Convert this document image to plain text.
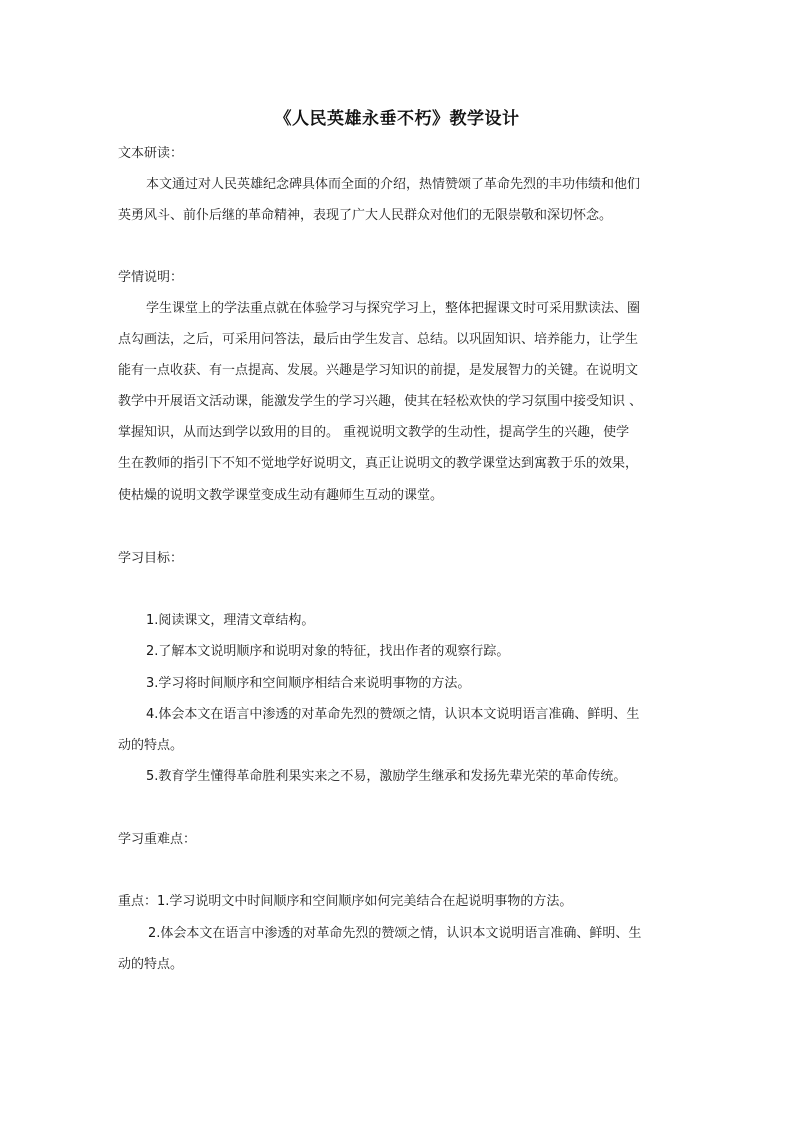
《人民英雄永垂不朽》教学设计
文本研读：
本文通过对人民英雄纪念碑具体而全面的介绍，热情赞颂了革命先烈的丰功伟绩和他们
英勇风斗、前仆后继的革命精神，表现了广大人民群众对他们的无限崇敬和深切怀念。
学情说明：
学生课堂上的学法重点就在体验学习与探究学习上，整体把握课文时可采用默读法、圈
点勾画法，之后，可采用问答法，最后由学生发言、总结。以巩固知识、培养能力，让学生
能有一点收获、有一点提高、发展。兴趣是学习知识的前提，是发展智力的关键。在说明文
教学中开展语文活动课，能激发学生的学习兴趣，使其在轻松欢快的学习氛围中接受知识 、
掌握知识，从而达到学以致用的目的。 重视说明文教学的生动性，提高学生的兴趣，使学
生在教师的指引下不知不觉地学好说明文，真正让说明文的教学课堂达到寓教于乐的效果，
使枯燥的说明文教学课堂变成生动有趣师生互动的课堂。
学习目标：
1.阅读课文，理清文章结构。
2.了解本文说明顺序和说明对象的特征，找出作者的观察行踪。
3.学习将时间顺序和空间顺序相结合来说明事物的方法。
4.体会本文在语言中渗透的对革命先烈的赞颂之情，认识本文说明语言准确、鲜明、生
动的特点。
5.教育学生懂得革命胜利果实来之不易，激励学生继承和发扬先辈光荣的革命传统。
学习重难点：
重点：1.学习说明文中时间顺序和空间顺序如何完美结合在起说明事物的方法。
2.体会本文在语言中渗透的对革命先烈的赞颂之情，认识本文说明语言准确、鲜明、生
动的特点。
